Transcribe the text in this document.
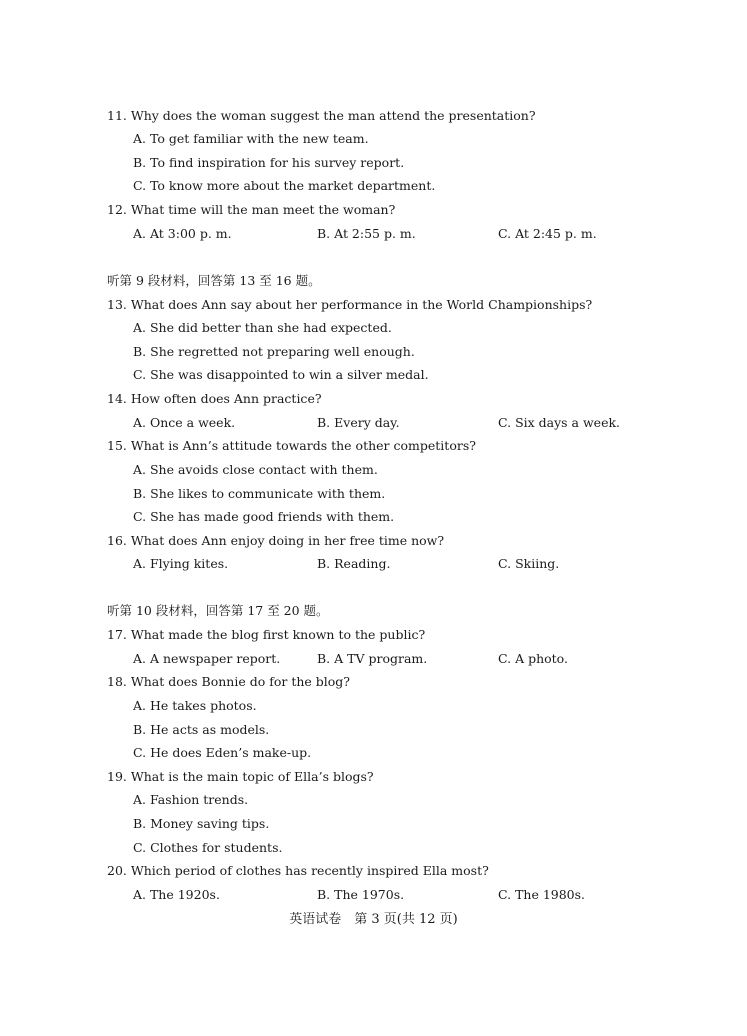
11. Why does the woman suggest the man attend the presentation?
A. To get familiar with the new team.
B. To find inspiration for his survey report.
C. To know more about the market department.
12. What time will the man meet the woman?
A. At 3:00 p. m.	B. At 2:55 p. m.	C. At 2:45 p. m.
听第 9 段材料，回答第 13 至 16 题。
13. What does Ann say about her performance in the World Championships?
A. She did better than she had expected.
B. She regretted not preparing well enough.
C. She was disappointed to win a silver medal.
14. How often does Ann practice?
A. Once a week.	B. Every day.	C. Six days a week.
15. What is Ann’s attitude towards the other competitors?
A. She avoids close contact with them.
B. She likes to communicate with them.
C. She has made good friends with them.
16. What does Ann enjoy doing in her free time now?
A. Flying kites.	B. Reading.	C. Skiing.
听第 10 段材料，回答第 17 至 20 题。
17. What made the blog first known to the public?
A. A newspaper report.	B. A TV program.	C. A photo.
18. What does Bonnie do for the blog?
A. He takes photos.
B. He acts as models.
C. He does Eden’s make-up.
19. What is the main topic of Ella’s blogs?
A. Fashion trends.
B. Money saving tips.
C. Clothes for students.
20. Which period of clothes has recently inspired Ella most?
A. The 1920s.	B. The 1970s.	C. The 1980s.
英语试卷　第 3 页(共 12 页)
